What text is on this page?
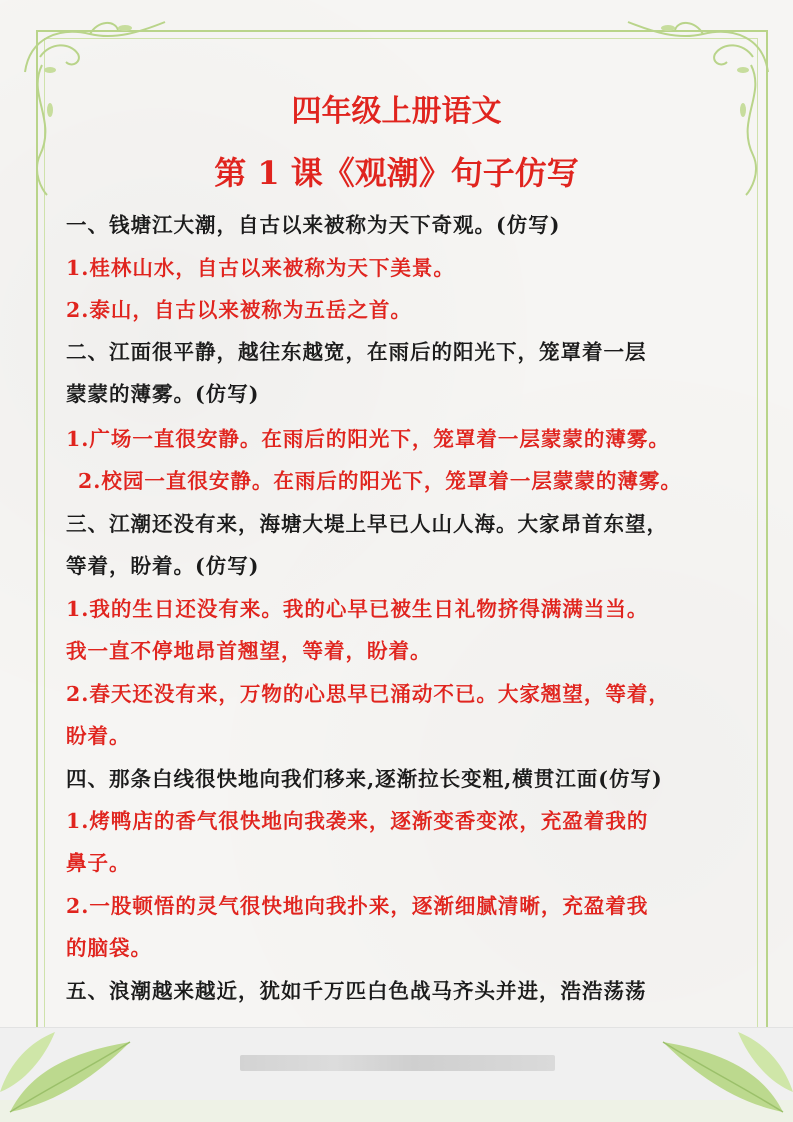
四年级上册语文
第 1 课《观潮》句子仿写
一、钱塘江大潮，自古以来被称为天下奇观。(仿写)
1.桂林山水，自古以来被称为天下美景。
2.泰山，自古以来被称为五岳之首。
二、江面很平静，越往东越宽，在雨后的阳光下，笼罩着一层
蒙蒙的薄雾。(仿写)
1.广场一直很安静。在雨后的阳光下，笼罩着一层蒙蒙的薄雾。
2.校园一直很安静。在雨后的阳光下，笼罩着一层蒙蒙的薄雾。
三、江潮还没有来，海塘大堤上早已人山人海。大家昂首东望，
等着，盼着。(仿写)
1.我的生日还没有来。我的心早已被生日礼物挤得满满当当。
我一直不停地昂首翘望，等着，盼着。
2.春天还没有来，万物的心思早已涌动不已。大家翘望，等着，
盼着。
四、那条白线很快地向我们移来,逐渐拉长变粗,横贯江面(仿写)
1.烤鸭店的香气很快地向我袭来，逐渐变香变浓，充盈着我的
鼻子。
2.一股顿悟的灵气很快地向我扑来，逐渐细腻清晰，充盈着我
的脑袋。
五、浪潮越来越近，犹如千万匹白色战马齐头并进，浩浩荡荡
